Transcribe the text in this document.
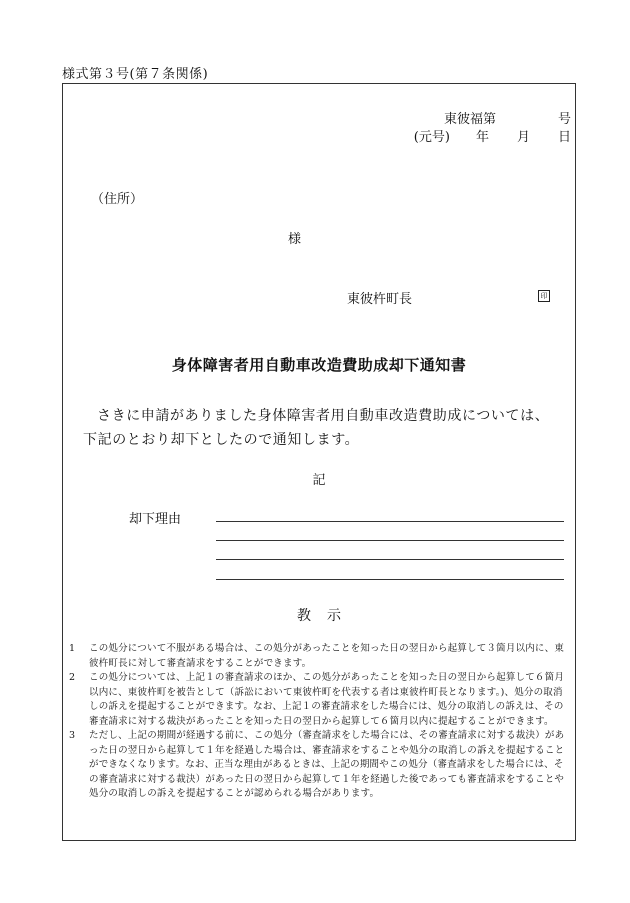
様式第３号(第７条関係)
東彼福第	号
(元号) 年 月 日
（住所）
様
東彼杵町長	印
身体障害者用自動車改造費助成却下通知書
さきに申請がありました身体障害者用自動車改造費助成については、下記のとおり却下としたので通知します。
記
却下理由
教示

1 この処分について不服がある場合は、この処分があったことを知った日の翌日から起算して３箇月以内に、東彼杵町長に対して審査請求をすることができます。

2 この処分については、上記１の審査請求のほか、この処分があったことを知った日の翌日から起算して６箇月以内に、東彼杵町を被告として（訴訟において東彼杵町を代表する者は東彼杵町長となります。)、処分の取消しの訴えを提起することができます。なお、上記１の審査請求をした場合には、処分の取消しの訴えは、その審査請求に対する裁決があったことを知った日の翌日から起算して６箇月以内に提起することができます。

3 ただし、上記の期間が経過する前に、この処分（審査請求をした場合には、その審査請求に対する裁決）があった日の翌日から起算して１年を経過した場合は、審査請求をすることや処分の取消しの訴えを提起することができなくなります。なお、正当な理由があるときは、上記の期間やこの処分（審査請求をした場合には、その審査請求に対する裁決）があった日の翌日から起算して１年を経過した後であっても審査請求をすることや処分の取消しの訴えを提起することが認められる場合があります。
